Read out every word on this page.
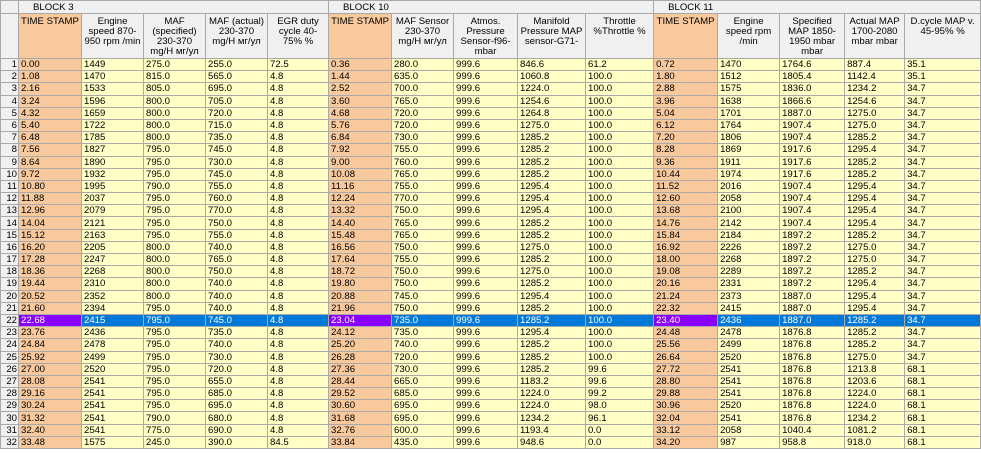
	BLOCK 3					BLOCK 10					BLOCK 11				
	TIME STAMP	Engine speed 870-950 rpm /min	MAF (specified) 230-370 mg/H мг/ул	MAF (actual) 230-370 mg/H мг/ул	EGR duty cycle 40-75% %	TIME STAMP	MAF Sensor 230-370 mg/H мг/ул	Atmos. Pressure Sensor-f96- mbar	Manifold Pressure MAP sensor-G71-	Throttle %Throttle %	TIME STAMP	Engine speed rpm /min	Specified MAP 1850-1950 mbar mbar	Actual MAP 1700-2080 mbar mbar	D.cycle MAP v. 45-95% %
1	0.00	1449	275.0	255.0	72.5	0.36	280.0	999.6	846.6	61.2	0.72	1470	1764.6	887.4	35.1
2	1.08	1470	815.0	565.0	4.8	1.44	635.0	999.6	1060.8	100.0	1.80	1512	1805.4	1142.4	35.1
3	2.16	1533	805.0	695.0	4.8	2.52	700.0	999.6	1224.0	100.0	2.88	1575	1836.0	1234.2	34.7
4	3.24	1596	800.0	705.0	4.8	3.60	765.0	999.6	1254.6	100.0	3.96	1638	1866.6	1254.6	34.7
5	4.32	1659	800.0	720.0	4.8	4.68	720.0	999.6	1264.8	100.0	5.04	1701	1887.0	1275.0	34.7
6	5.40	1722	800.0	715.0	4.8	5.76	720.0	999.6	1275.0	100.0	6.12	1764	1907.4	1275.0	34.7
7	6.48	1785	800.0	735.0	4.8	6.84	730.0	999.6	1285.2	100.0	7.20	1806	1907.4	1285.2	34.7
8	7.56	1827	795.0	745.0	4.8	7.92	755.0	999.6	1285.2	100.0	8.28	1869	1917.6	1295.4	34.7
9	8.64	1890	795.0	730.0	4.8	9.00	760.0	999.6	1285.2	100.0	9.36	1911	1917.6	1285.2	34.7
10	9.72	1932	795.0	745.0	4.8	10.08	765.0	999.6	1285.2	100.0	10.44	1974	1917.6	1285.2	34.7
11	10.80	1995	790.0	755.0	4.8	11.16	755.0	999.6	1295.4	100.0	11.52	2016	1907.4	1295.4	34.7
12	11.88	2037	795.0	760.0	4.8	12.24	770.0	999.6	1295.4	100.0	12.60	2058	1907.4	1295.4	34.7
13	12.96	2079	795.0	770.0	4.8	13.32	750.0	999.6	1295.4	100.0	13.68	2100	1907.4	1295.4	34.7
14	14.04	2121	795.0	750.0	4.8	14.40	765.0	999.6	1285.2	100.0	14.76	2142	1907.4	1295.4	34.7
15	15.12	2163	795.0	755.0	4.8	15.48	765.0	999.6	1285.2	100.0	15.84	2184	1897.2	1285.2	34.7
16	16.20	2205	800.0	740.0	4.8	16.56	750.0	999.6	1275.0	100.0	16.92	2226	1897.2	1275.0	34.7
17	17.28	2247	800.0	765.0	4.8	17.64	755.0	999.6	1285.2	100.0	18.00	2268	1897.2	1275.0	34.7
18	18.36	2268	800.0	750.0	4.8	18.72	750.0	999.6	1275.0	100.0	19.08	2289	1897.2	1285.2	34.7
19	19.44	2310	800.0	740.0	4.8	19.80	750.0	999.6	1285.2	100.0	20.16	2331	1897.2	1295.4	34.7
20	20.52	2352	800.0	740.0	4.8	20.88	745.0	999.6	1295.4	100.0	21.24	2373	1887.0	1295.4	34.7
21	21.60	2394	795.0	740.0	4.8	21.96	750.0	999.6	1285.2	100.0	22.32	2415	1887.0	1295.4	34.7
22	22.68	2415	795.0	745.0	4.8	23.04	735.0	999.6	1285.2	100.0	23.40	2436	1887.0	1285.2	34.7
23	23.76	2436	795.0	735.0	4.8	24.12	735.0	999.6	1295.4	100.0	24.48	2478	1876.8	1285.2	34.7
24	24.84	2478	795.0	740.0	4.8	25.20	740.0	999.6	1285.2	100.0	25.56	2499	1876.8	1285.2	34.7
25	25.92	2499	795.0	730.0	4.8	26.28	720.0	999.6	1285.2	100.0	26.64	2520	1876.8	1275.0	34.7
26	27.00	2520	795.0	720.0	4.8	27.36	730.0	999.6	1285.2	99.6	27.72	2541	1876.8	1213.8	68.1
27	28.08	2541	795.0	655.0	4.8	28.44	665.0	999.6	1183.2	99.6	28.80	2541	1876.8	1203.6	68.1
28	29.16	2541	795.0	685.0	4.8	29.52	685.0	999.6	1224.0	99.2	29.88	2541	1876.8	1224.0	68.1
29	30.24	2541	795.0	695.0	4.8	30.60	695.0	999.6	1224.0	98.0	30.96	2520	1876.8	1224.0	68.1
30	31.32	2541	790.0	680.0	4.8	31.68	695.0	999.6	1234.2	96.1	32.04	2541	1876.8	1234.2	68.1
31	32.40	2541	775.0	690.0	4.8	32.76	600.0	999.6	1193.4	0.0	33.12	2058	1040.4	1081.2	68.1
32	33.48	1575	245.0	390.0	84.5	33.84	435.0	999.6	948.6	0.0	34.20	987	958.8	918.0	68.1
